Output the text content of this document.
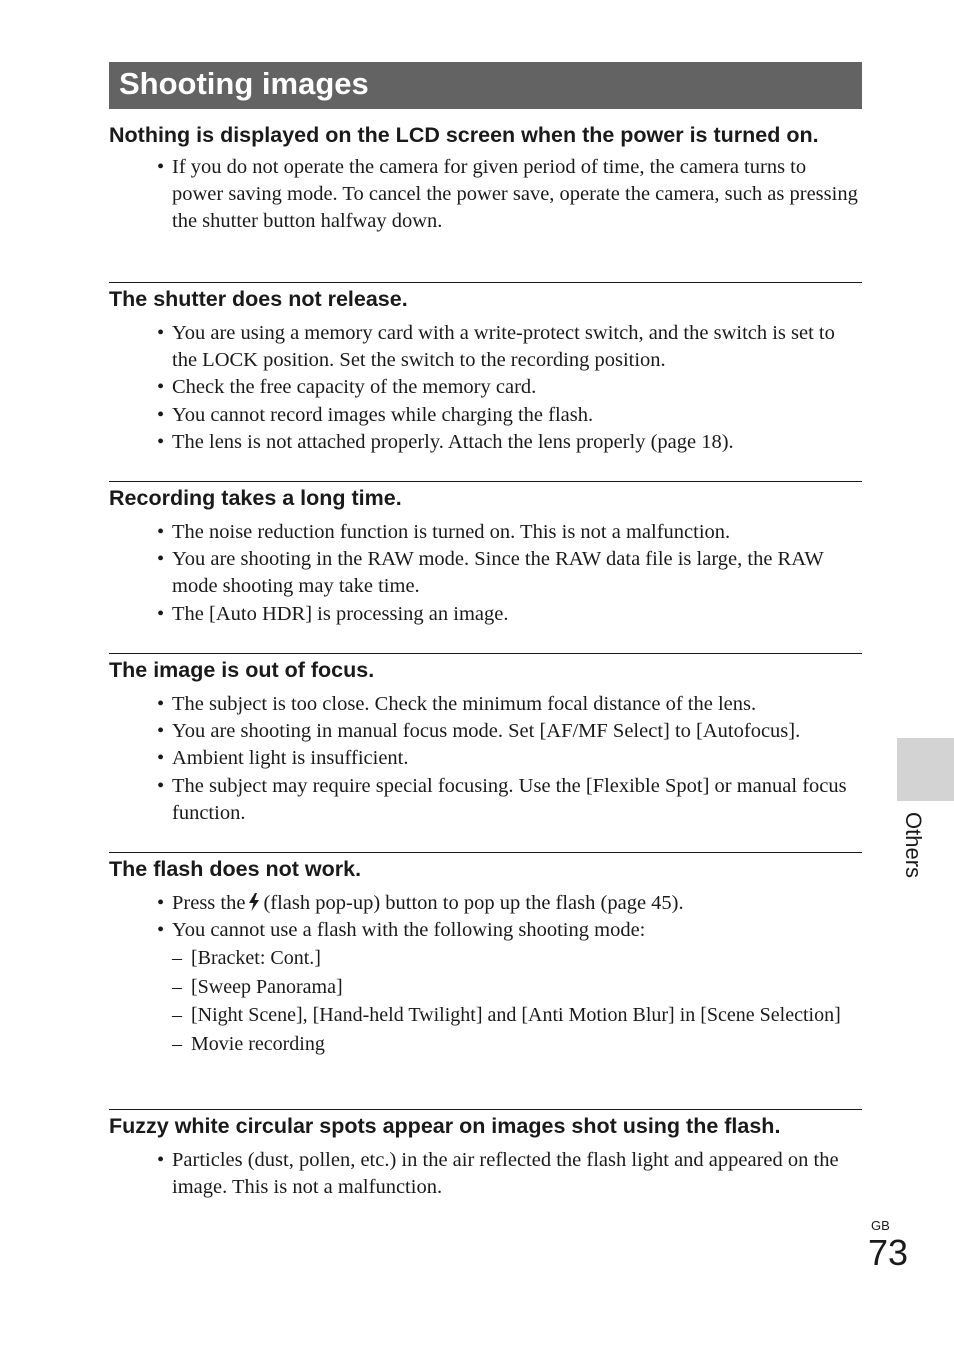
Shooting images
Nothing is displayed on the LCD screen when the power is turned on.
• If you do not operate the camera for given period of time, the camera turns to power saving mode. To cancel the power save, operate the camera, such as pressing the shutter button halfway down.
The shutter does not release.
• You are using a memory card with a write-protect switch, and the switch is set to the LOCK position. Set the switch to the recording position.
• Check the free capacity of the memory card.
• You cannot record images while charging the flash.
• The lens is not attached properly. Attach the lens properly (page 18).
Recording takes a long time.
• The noise reduction function is turned on. This is not a malfunction.
• You are shooting in the RAW mode. Since the RAW data file is large, the RAW mode shooting may take time.
• The [Auto HDR] is processing an image.
The image is out of focus.
• The subject is too close. Check the minimum focal distance of the lens.
• You are shooting in manual focus mode. Set [AF/MF Select] to [Autofocus].
• Ambient light is insufficient.
• The subject may require special focusing. Use the [Flexible Spot] or manual focus function.
The flash does not work.
• Press the (flash pop-up) button to pop up the flash (page 45).
• You cannot use a flash with the following shooting mode:
– [Bracket: Cont.]
– [Sweep Panorama]
– [Night Scene], [Hand-held Twilight] and [Anti Motion Blur] in [Scene Selection]
– Movie recording
Fuzzy white circular spots appear on images shot using the flash.
• Particles (dust, pollen, etc.) in the air reflected the flash light and appeared on the image. This is not a malfunction.
Others
GB
73
